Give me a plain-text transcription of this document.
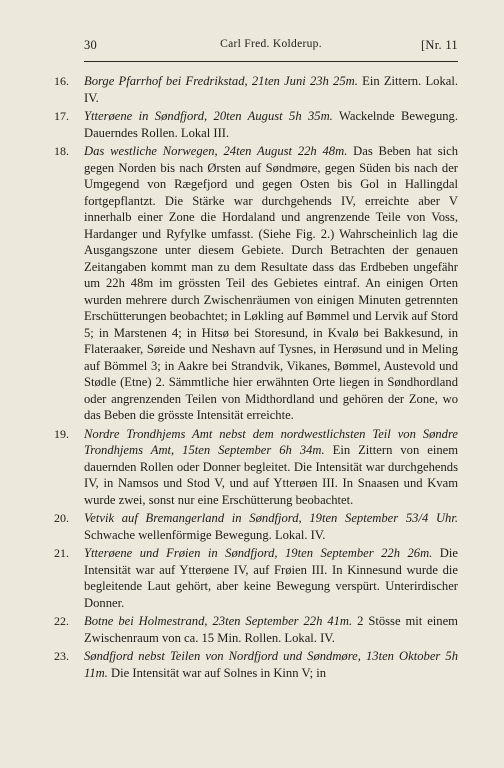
30	Carl Fred. Kolderup.	[Nr. 11
16. Borge Pfarrhof bei Fredrikstad, 21ten Juni 23h 25m. Ein Zittern. Lokal. IV.
17. Ytterøene in Søndfjord, 20ten August 5h 35m. Wackelnde Bewegung. Dauerndes Rollen. Lokal III.
18. Das westliche Norwegen, 24ten August 22h 48m. Das Beben hat sich gegen Norden bis nach Ørsten auf Søndmøre, gegen Süden bis nach der Umgegend von Rægefjord und gegen Osten bis Gol in Hallingdal fortgepflantzt. Die Stärke war durchgehends IV, erreichte aber V innerhalb einer Zone die Hordaland und angrenzende Teile von Voss, Hardanger und Ryfylke umfasst. (Siehe Fig. 2.) Wahrscheinlich lag die Ausgangszone unter diesem Gebiete. Durch Betrachten der genauen Zeitangaben kommt man zu dem Resultate dass das Erdbeben ungefähr um 22h 48m im grössten Teil des Gebietes eintraf. An einigen Orten wurden mehrere durch Zwischenräumen von einigen Minuten getrennten Erschütterungen beobachtet; in Løkling auf Bømmel und Lervik auf Stord 5; in Marstenen 4; in Hitsø bei Storesund, in Kvalø bei Bakkesund, in Flateraaker, Søreide und Neshavn auf Tysnes, in Herøsund und in Meling auf Bömmel 3; in Aakre bei Strandvik, Vikanes, Bømmel, Austevold und Stødle (Etne) 2. Sämmtliche hier erwähnten Orte liegen in Søndhordland oder angrenzenden Teilen von Midthordland und gehören der Zone, wo das Beben die grösste Intensität erreichte.
19. Nordre Trondhjems Amt nebst dem nordwestlichsten Teil von Søndre Trondhjems Amt, 15ten September 6h 34m. Ein Zittern von einem dauernden Rollen oder Donner begleitet. Die Intensität war durchgehends IV, in Namsos und Stod V, und auf Ytterøen III. In Snaasen und Kvam wurde zwei, sonst nur eine Erschütterung beobachtet.
20. Vetvik auf Bremangerland in Søndfjord, 19ten September 53/4 Uhr. Schwache wellenförmige Bewegung. Lokal. IV.
21. Ytterøene und Frøien in Søndfjord, 19ten September 22h 26m. Die Intensität war auf Ytterøene IV, auf Frøien III. In Kinnesund wurde die begleitende Laut gehört, aber keine Bewegung verspürt. Unterirdischer Donner.
22. Botne bei Holmestrand, 23ten September 22h 41m. 2 Stösse mit einem Zwischenraum von ca. 15 Min. Rollen. Lokal. IV.
23. Søndfjord nebst Teilen von Nordfjord und Søndmøre, 13ten Oktober 5h 11m. Die Intensität war auf Solnes in Kinn V; in
